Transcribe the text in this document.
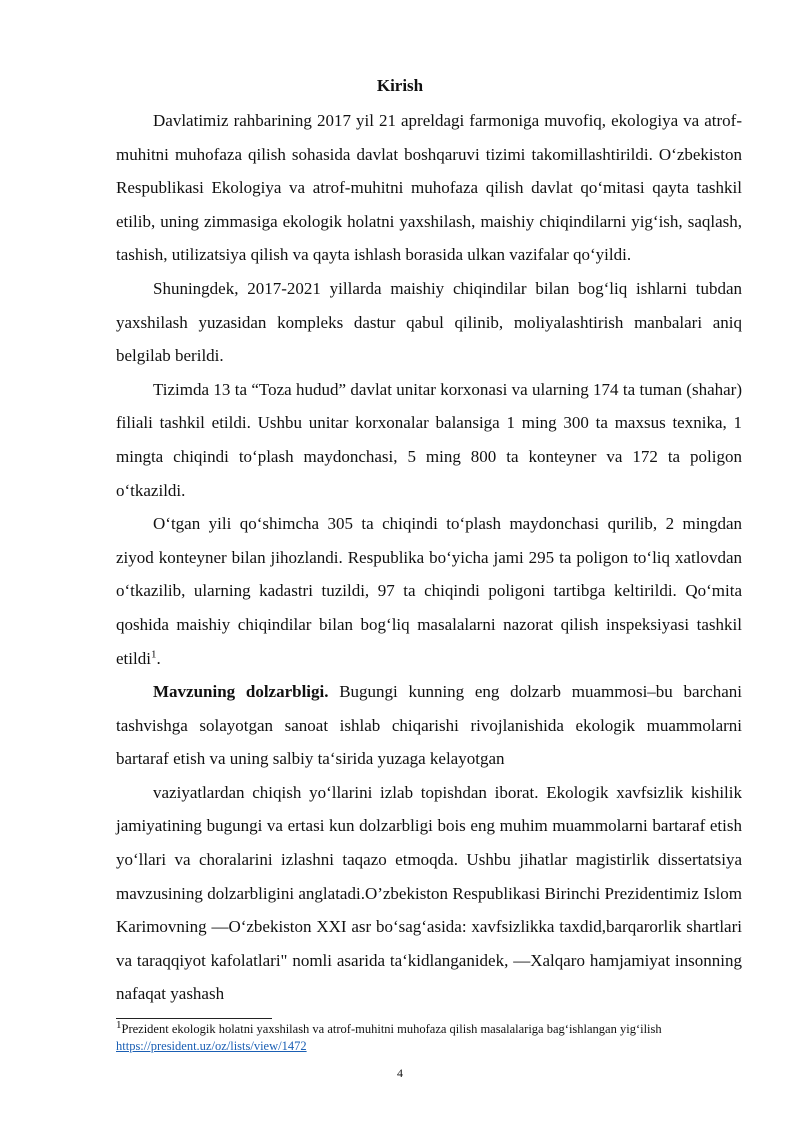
Kirish

Davlatimiz rahbarining 2017 yil 21 apreldagi farmoniga muvofiq, ekologiya va atrof-muhitni muhofaza qilish sohasida davlat boshqaruvi tizimi takomillashtirildi. O‘zbekiston Respublikasi Ekologiya va atrof-muhitni muhofaza qilish davlat qo‘mitasi qayta tashkil etilib, uning zimmasiga ekologik holatni yaxshilash, maishiy chiqindilarni yig‘ish, saqlash, tashish, utilizatsiya qilish va qayta ishlash borasida ulkan vazifalar qo‘yildi.

Shuningdek, 2017-2021 yillarda maishiy chiqindilar bilan bog‘liq ishlarni tubdan yaxshilash yuzasidan kompleks dastur qabul qilinib, moliyalashtirish manbalari aniq belgilab berildi.

Tizimda 13 ta “Toza hudud” davlat unitar korxonasi va ularning 174 ta tuman (shahar) filiali tashkil etildi. Ushbu unitar korxonalar balansiga 1 ming 300 ta maxsus texnika, 1 mingta chiqindi to‘plash maydonchasi, 5 ming 800 ta konteyner va 172 ta poligon o‘tkazildi.

O‘tgan yili qo‘shimcha 305 ta chiqindi to‘plash maydonchasi qurilib, 2 mingdan ziyod konteyner bilan jihozlandi. Respublika bo‘yicha jami 295 ta poligon to‘liq xatlovdan o‘tkazilib, ularning kadastri tuzildi, 97 ta chiqindi poligoni tartibga keltirildi. Qo‘mita qoshida maishiy chiqindilar bilan bog‘liq masalalarni nazorat qilish inspeksiyasi tashkil etildi$^1$.

Mavzuning dolzarbligi. Bugungi kunning eng dolzarb muammosi–bu barchani tashvishga solayotgan sanoat ishlab chiqarishi rivojlanishida ekologik muammolarni bartaraf etish va uning salbiy ta‘sirida yuzaga kelayotgan

vaziyatlardan chiqish yo‘llarini izlab topishdan iborat. Ekologik xavfsizlik kishilik jamiyatining bugungi va ertasi kun dolzarbligi bois eng muhim muammolarni bartaraf etish yo‘llari va choralarini izlashni taqazo etmoqda. Ushbu jihatlar magistirlik dissertatsiya mavzusining dolzarbligini anglatadi.O’zbekiston Respublikasi Birinchi Prezidentimiz Islom Karimovning ―O‘zbekiston XXI asr bo‘sag‘asida: xavfsizlikka taxdid,barqarorlik shartlari va taraqqiyot kafolatlari" nomli asarida ta‘kidlanganidek, ―Xalqaro hamjamiyat insonning nafaqat yashash

$^1$Prezident ekologik holatni yaxshilash va atrof-muhitni muhofaza qilish masalalariga bag‘ishlangan yig‘ilish
https://president.uz/oz/lists/view/1472
4
